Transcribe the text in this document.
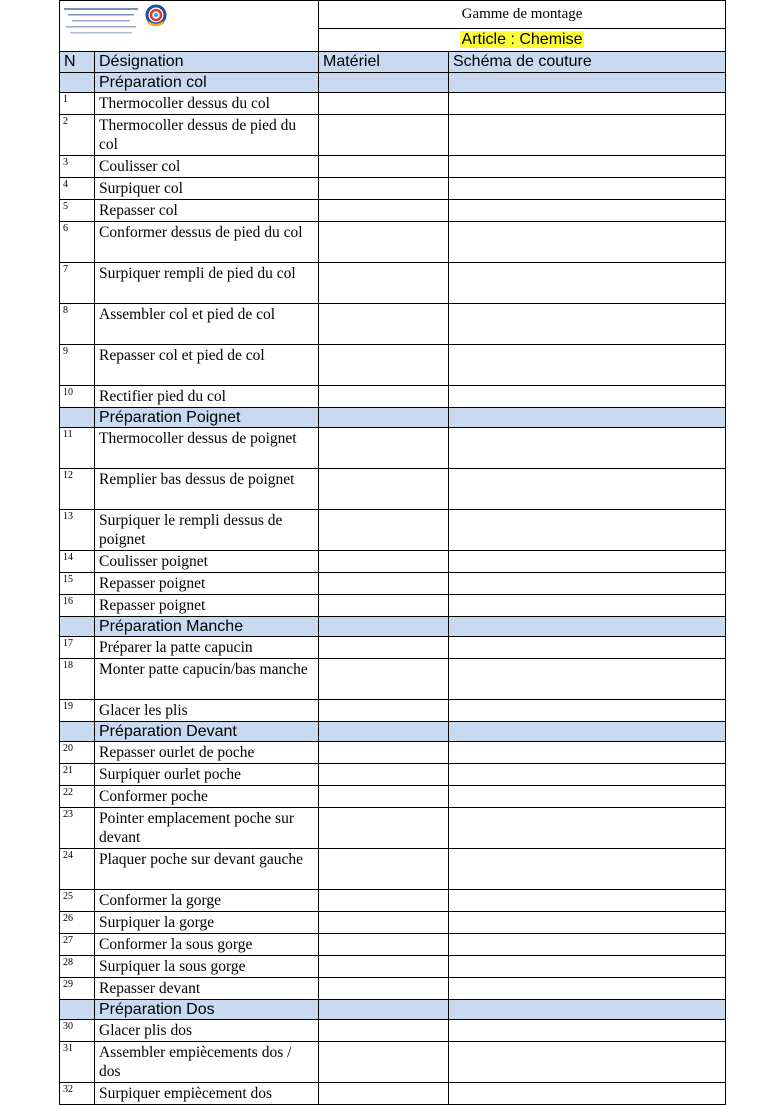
	Gamme de montage	
		Article : Chemise	
N	Désignation	Matériel	Schéma de couture
	Préparation col		
1	Thermocoller dessus du col		
2	Thermocoller dessus de pied du col		
3	Coulisser col		
4	Surpiquer col		
5	Repasser col		
6	Conformer dessus de pied du col		
7	Surpiquer rempli de pied du col		
8	Assembler col et pied de col		
9	Repasser col et pied de col		
10	Rectifier pied du col		
	Préparation Poignet		
11	Thermocoller dessus de poignet		
12	Remplier bas dessus de poignet		
13	Surpiquer le rempli dessus de poignet		
14	Coulisser poignet		
15	Repasser poignet		
16	Repasser poignet		
	Préparation Manche		
17	Préparer la patte capucin		
18	Monter patte capucin/bas manche		
19	Glacer les plis		
	Préparation Devant		
20	Repasser ourlet de poche		
21	Surpiquer ourlet poche		
22	Conformer poche		
23	Pointer emplacement poche sur devant		
24	Plaquer poche sur devant gauche		
25	Conformer la gorge		
26	Surpiquer la gorge		
27	Conformer la sous gorge		
28	Surpiquer la sous gorge		
29	Repasser devant		
	Préparation Dos		
30	Glacer plis dos		
31	Assembler empiècements dos / dos		
32	Surpiquer empiècement dos		
